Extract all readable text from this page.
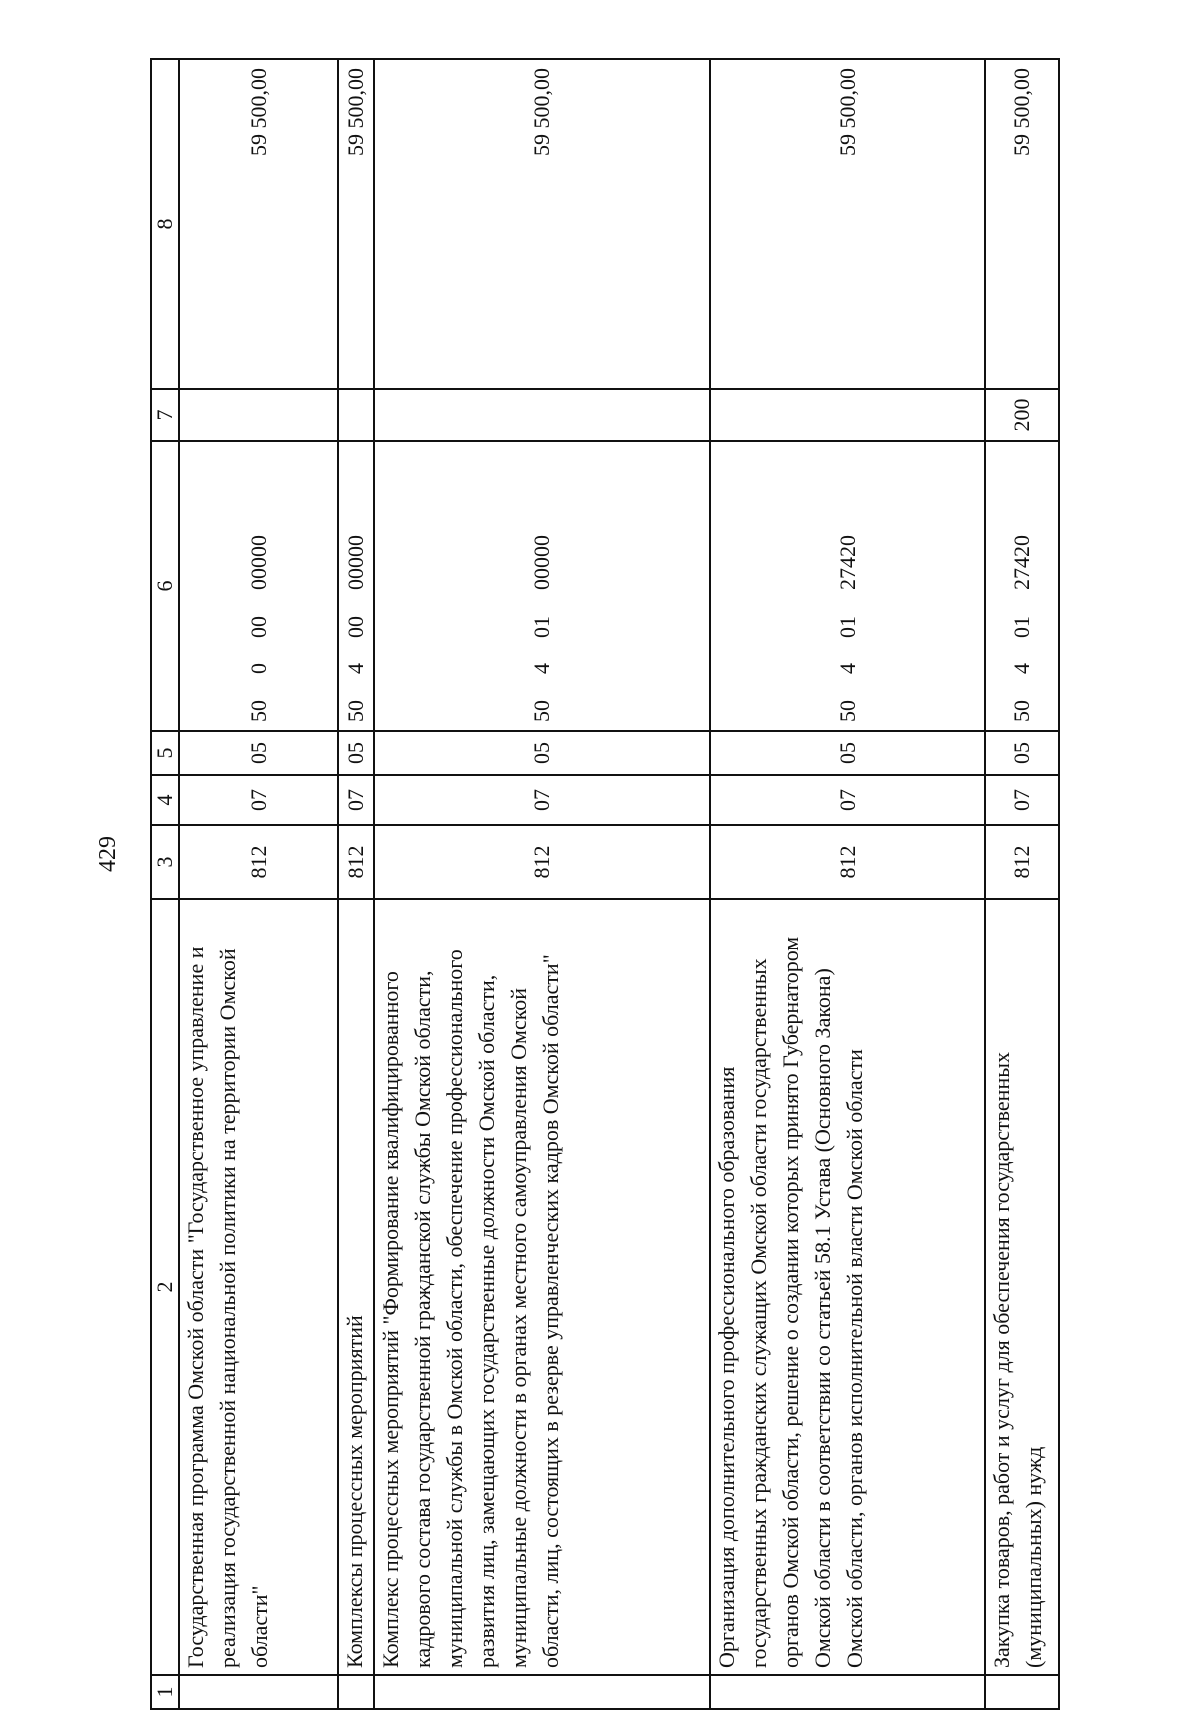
429
1	2	3	4	5	6	7	8
	Государственная программа Омской области "Государственное управление и реализация государственной национальной политики на территории Омской области"	812	07	05	5000000000		59 500,00
	Комплексы процессных мероприятий	812	07	05	5040000000		59 500,00
	Комплекс процессных мероприятий "Формирование квалифицированного кадрового состава государственной гражданской службы Омской области, муниципальной службы в Омской области, обеспечение профессионального развития лиц, замещающих государственные должности Омской области, муниципальные должности в органах местного самоуправления Омской области, лиц, состоящих в резерве управленческих кадров Омской области"	812	07	05	5040100000		59 500,00
	Организация дополнительного профессионального образования государственных гражданских служащих Омской области государственных органов Омской области, решение о создании которых принято Губернатором Омской области в соответствии со статьей 58.1 Устава (Основного Закона) Омской области, органов исполнительной власти Омской области	812	07	05	5040127420		59 500,00
	Закупка товаров, работ и услуг для обеспечения государственных (муниципальных) нужд	812	07	05	5040127420	200	59 500,00
